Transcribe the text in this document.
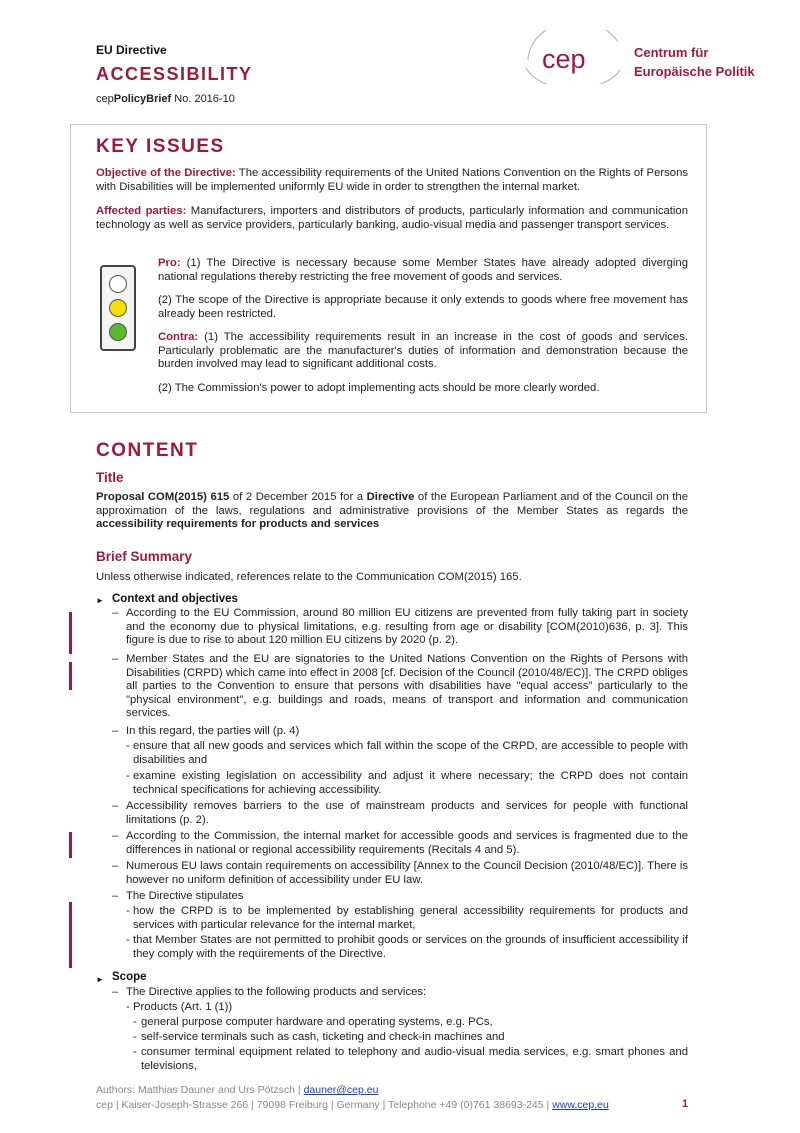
EU Directive
ACCESSIBILITY
cepPolicyBrief No. 2016-10
cep	Centrum für
Europäische Politik
KEY ISSUES
Objective of the Directive: The accessibility requirements of the United Nations Convention on the Rights of Persons with Disabilities will be implemented uniformly EU wide in order to strengthen the internal market.
Affected parties: Manufacturers, importers and distributors of products, particularly information and communication technology as well as service providers, particularly banking, audio-visual media and passenger transport services.
Pro: (1) The Directive is necessary because some Member States have already adopted diverging national regulations thereby restricting the free movement of goods and services.
(2) The scope of the Directive is appropriate because it only extends to goods where free movement has already been restricted.
Contra: (1) The accessibility requirements result in an increase in the cost of goods and services. Particularly problematic are the manufacturer's duties of information and demonstration because the burden involved may lead to significant additional costs.
(2) The Commission's power to adopt implementing acts should be more clearly worded.
CONTENT
Title
Proposal COM(2015) 615 of 2 December 2015 for a Directive of the European Parliament and of the Council on the approximation of the laws, regulations and administrative provisions of the Member States as regards the accessibility requirements for products and services
Brief Summary
Unless otherwise indicated, references relate to the Communication COM(2015) 165.
► Context and objectives
– According to the EU Commission, around 80 million EU citizens are prevented from fully taking part in society and the economy due to physical limitations, e.g. resulting from age or disability [COM(2010)636, p. 3]. This figure is due to rise to about 120 million EU citizens by 2020 (p. 2).
– Member States and the EU are signatories to the United Nations Convention on the Rights of Persons with Disabilities (CRPD) which came into effect in 2008 [cf. Decision of the Council (2010/48/EC)]. The CRPD obliges all parties to the Convention to ensure that persons with disabilities have "equal access" particularly to the "physical environment", e.g. buildings and roads, means of transport and information and communication services.
– In this regard, the parties will (p. 4)
- ensure that all new goods and services which fall within the scope of the CRPD, are accessible to people with disabilities and
- examine existing legislation on accessibility and adjust it where necessary; the CRPD does not contain technical specifications for achieving accessibility.
– Accessibility removes barriers to the use of mainstream products and services for people with functional limitations (p. 2).
– According to the Commission, the internal market for accessible goods and services is fragmented due to the differences in national or regional accessibility requirements (Recitals 4 and 5).
– Numerous EU laws contain requirements on accessibility [Annex to the Council Decision (2010/48/EC)]. There is however no uniform definition of accessibility under EU law.
– The Directive stipulates
- how the CRPD is to be implemented by establishing general accessibility requirements for products and services with particular relevance for the internal market,
- that Member States are not permitted to prohibit goods or services on the grounds of insufficient accessibility if they comply with the requirements of the Directive.
► Scope
– The Directive applies to the following products and services:
- Products (Art. 1 (1))
- general purpose computer hardware and operating systems, e.g. PCs,
- self-service terminals such as cash, ticketing and check-in machines and
- consumer terminal equipment related to telephony and audio-visual media services, e.g. smart phones and televisions,
Authors: Matthias Dauner and Urs Pötzsch | dauner@cep.eu
cep | Kaiser-Joseph-Strasse 266 | 79098 Freiburg | Germany | Telephone +49 (0)761 38693-245 | www.cep.eu	1
